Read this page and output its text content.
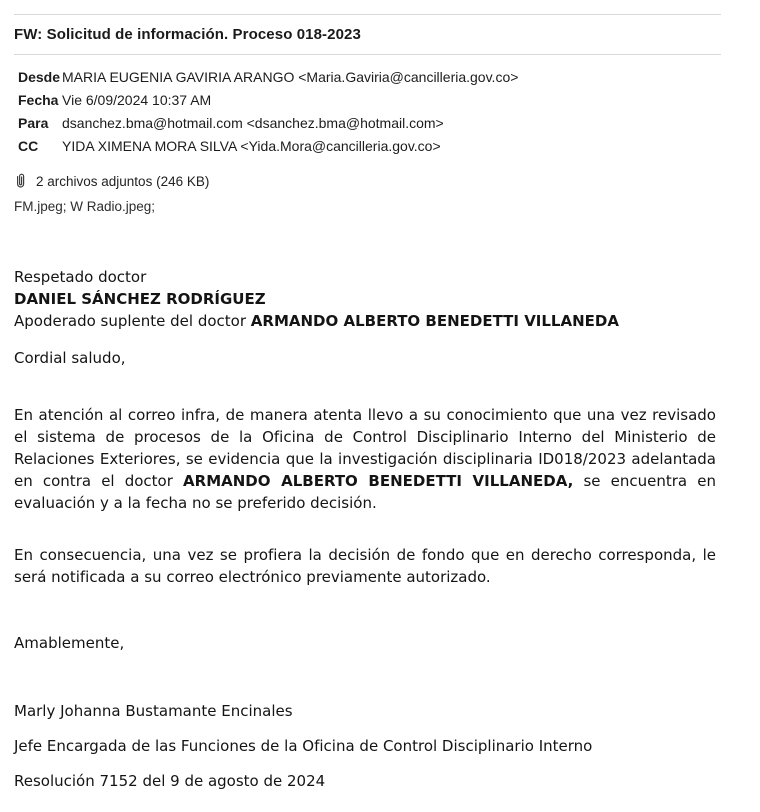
FW: Solicitud de información. Proceso 018-2023
Desde MARIA EUGENIA GAVIRIA ARANGO <Maria.Gaviria@cancilleria.gov.co>
Fecha Vie 6/09/2024 10:37 AM
Para dsanchez.bma@hotmail.com <dsanchez.bma@hotmail.com>
CC	YIDA XIMENA MORA SILVA <Yida.Mora@cancilleria.gov.co>
2 archivos adjuntos (246 KB)
FM.jpeg; W Radio.jpeg;
Respetado doctor
DANIEL SÁNCHEZ RODRÍGUEZ
Apoderado suplente del doctor ARMANDO ALBERTO BENEDETTI VILLANEDA
Cordial saludo,

En atención al correo infra, de manera atenta llevo a su conocimiento que una vez revisado el sistema de procesos de la Oficina de Control Disciplinario Interno del Ministerio de Relaciones Exteriores, se evidencia que la investigación disciplinaria ID018/2023 adelantada en contra el doctor ARMANDO ALBERTO BENEDETTI VILLANEDA, se encuentra en evaluación y a la fecha no se preferido decisión.

En consecuencia, una vez se profiera la decisión de fondo que en derecho corresponda, le será notificada a su correo electrónico previamente autorizado.

Amablemente,
Marly Johanna Bustamante Encinales
Jefe Encargada de las Funciones de la Oficina de Control Disciplinario Interno
Resolución 7152 del 9 de agosto de 2024
